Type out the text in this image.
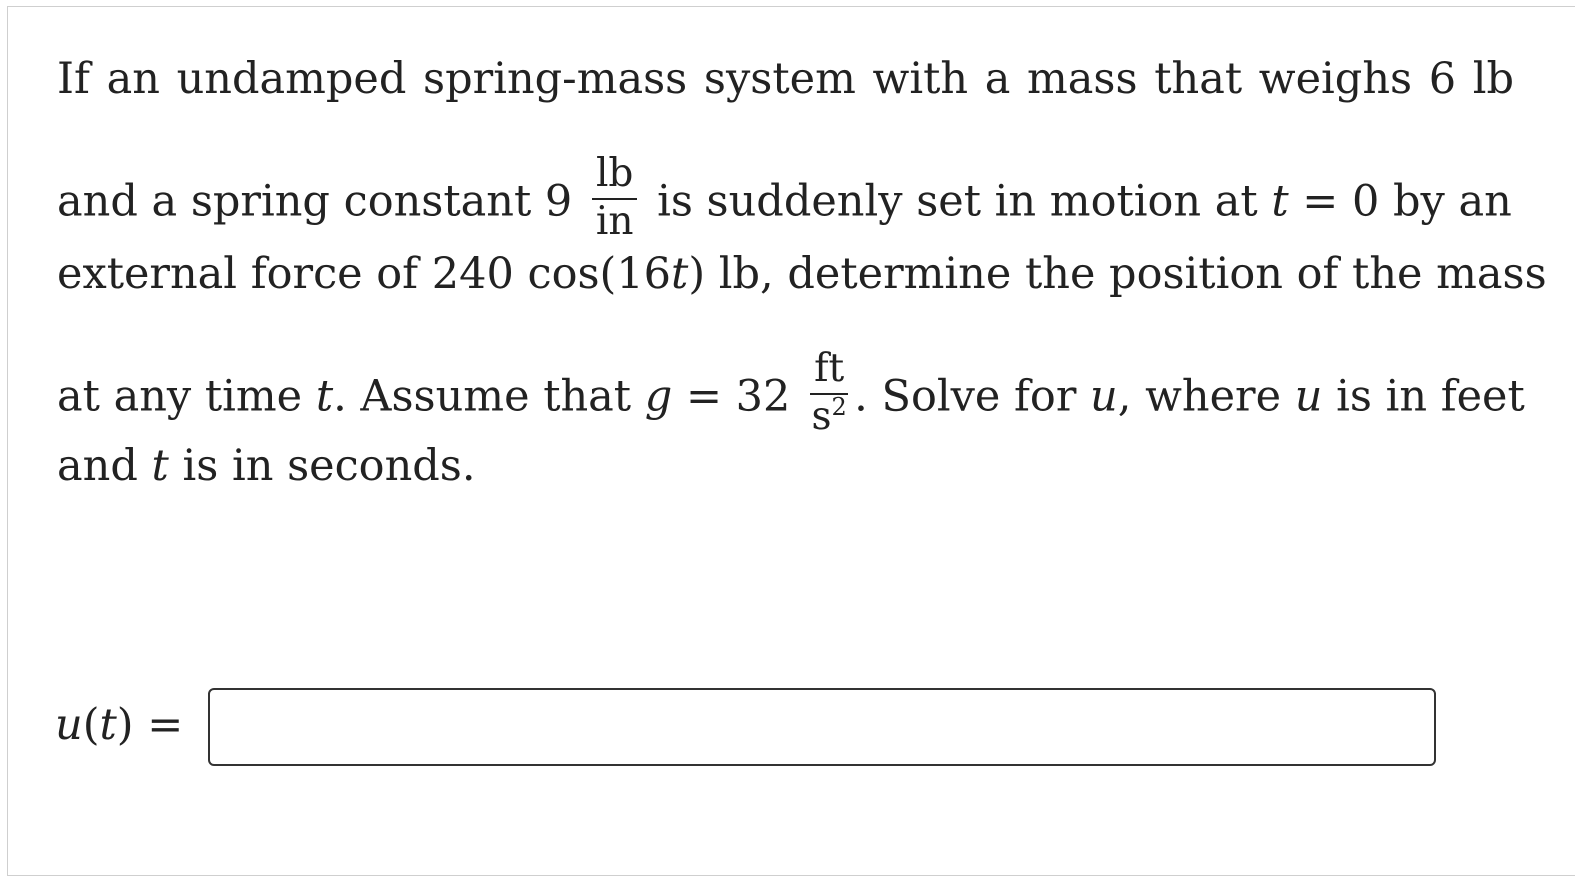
If an undamped spring-mass system with a mass that weighs 6 lb
and a spring constant $9 \frac{lb}{in}$ is suddenly set in motion at t = 0 by an
external force of 240 cos(16t) lb, determine the position of the mass
at any time t. Assume that $g = 32 \frac{ft}{s^2}$ . Solve for u, where u is in feet
and t is in seconds.
u(t) =
